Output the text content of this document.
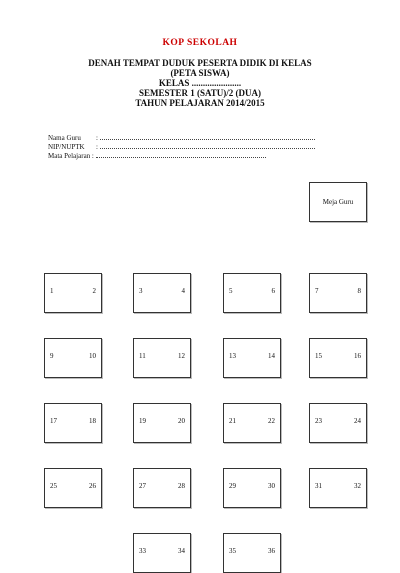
KOP SEKOLAH
DENAH TEMPAT DUDUK PESERTA DIDIK DI KELAS
(PETA SISWA)
KELAS ......................
SEMESTER 1 (SATU)/2 (DUA)
TAHUN PELAJARAN 2014/2015
Nama Guru :
NIP/NUPTK :
Mata Pelajaran :
Meja Guru
1	2	3	4	5	6	7	8
9	10	11	12	13	14	15	16
17	18	19	20	21	22	23	24
25	26	27	28	29	30	31	32
33	34	35	36
